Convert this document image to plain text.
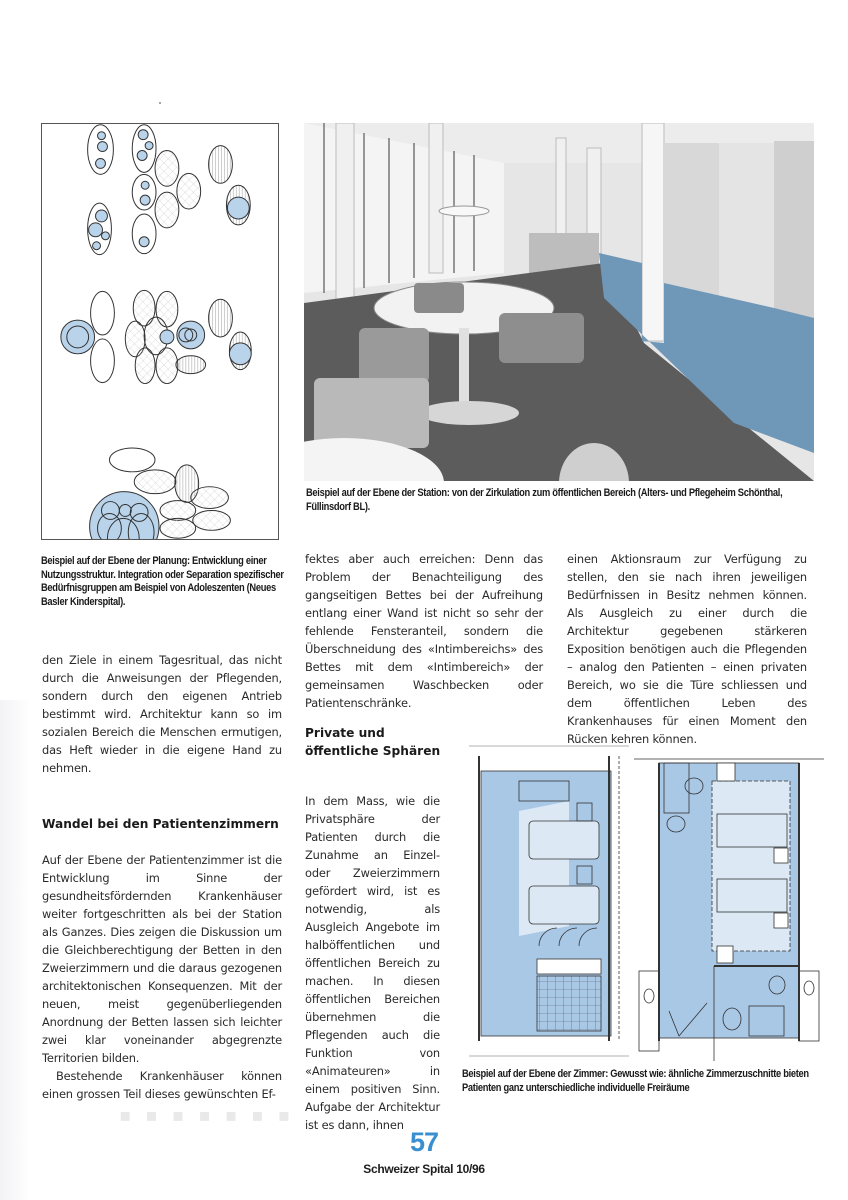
Beispiel auf der Ebene der Station: von der Zirkulation zum öffentlichen Bereich (Alters- und Pflegeheim Schönthal, Füllinsdorf BL).
Beispiel auf der Ebene der Planung: Entwicklung einer Nutzungsstruktur. Integration oder Separation spezifischer Bedürfnisgruppen am Beispiel von Adoleszenten (Neues Basler Kinderspital).

den Ziele in einem Tagesritual, das nicht durch die Anweisungen der Pflegenden, sondern durch den eigenen Antrieb bestimmt wird. Architektur kann so im sozialen Bereich die Menschen ermutigen, das Heft wieder in die eigene Hand zu nehmen.

Wandel bei den Patientenzimmern

Auf der Ebene der Patientenzimmer ist die Entwicklung im Sinne der gesundheitsfördernden Krankenhäuser weiter fortgeschritten als bei der Station als Ganzes. Dies zeigen die Diskussion um die Gleichberechtigung der Betten in den Zweierzimmern und die daraus gezogenen architektonischen Konsequenzen. Mit der neuen, meist gegenüberliegenden Anordnung der Betten lassen sich leichter zwei klar voneinander abgegrenzte Territorien bilden.

Bestehende Krankenhäuser können einen grossen Teil dieses gewünschten Ef-

fektes aber auch erreichen: Denn das Problem der Benachteiligung des gangseitigen Bettes bei der Aufreihung entlang einer Wand ist nicht so sehr der fehlende Fensteranteil, sondern die Überschneidung des «Intimbereichs» des Bettes mit dem «Intimbereich» der gemeinsamen Waschbecken oder Patientenschränke.

Private und öffentliche Sphären

In dem Mass, wie die Privatsphäre der Patienten durch die Zunahme an Einzel- oder Zweierzimmern gefördert wird, ist es notwendig, als Ausgleich Angebote im halböffentlichen und öffentlichen Bereich zu machen. In diesen öffentlichen Bereichen übernehmen die Pflegenden auch die Funktion von «Animateuren» in einem positiven Sinn. Aufgabe der Architektur ist es dann, ihnen

einen Aktionsraum zur Verfügung zu stellen, den sie nach ihren jeweiligen Bedürfnissen in Besitz nehmen können. Als Ausgleich zu einer durch die Architektur gegebenen stärkeren Exposition benötigen auch die Pflegenden – analog den Patienten – einen privaten Bereich, wo sie die Türe schliessen und dem öffentlichen Leben des Krankenhauses für einen Moment den Rücken kehren können.

Beispiel auf der Ebene der Zimmer: Gewusst wie: ähnliche Zimmerzuschnitte bieten Patienten ganz unterschiedliche individuelle Freiräume
▪ ▪ ▪ ▪ ▪ ▪ ▪
57
Schweizer Spital 10/96
